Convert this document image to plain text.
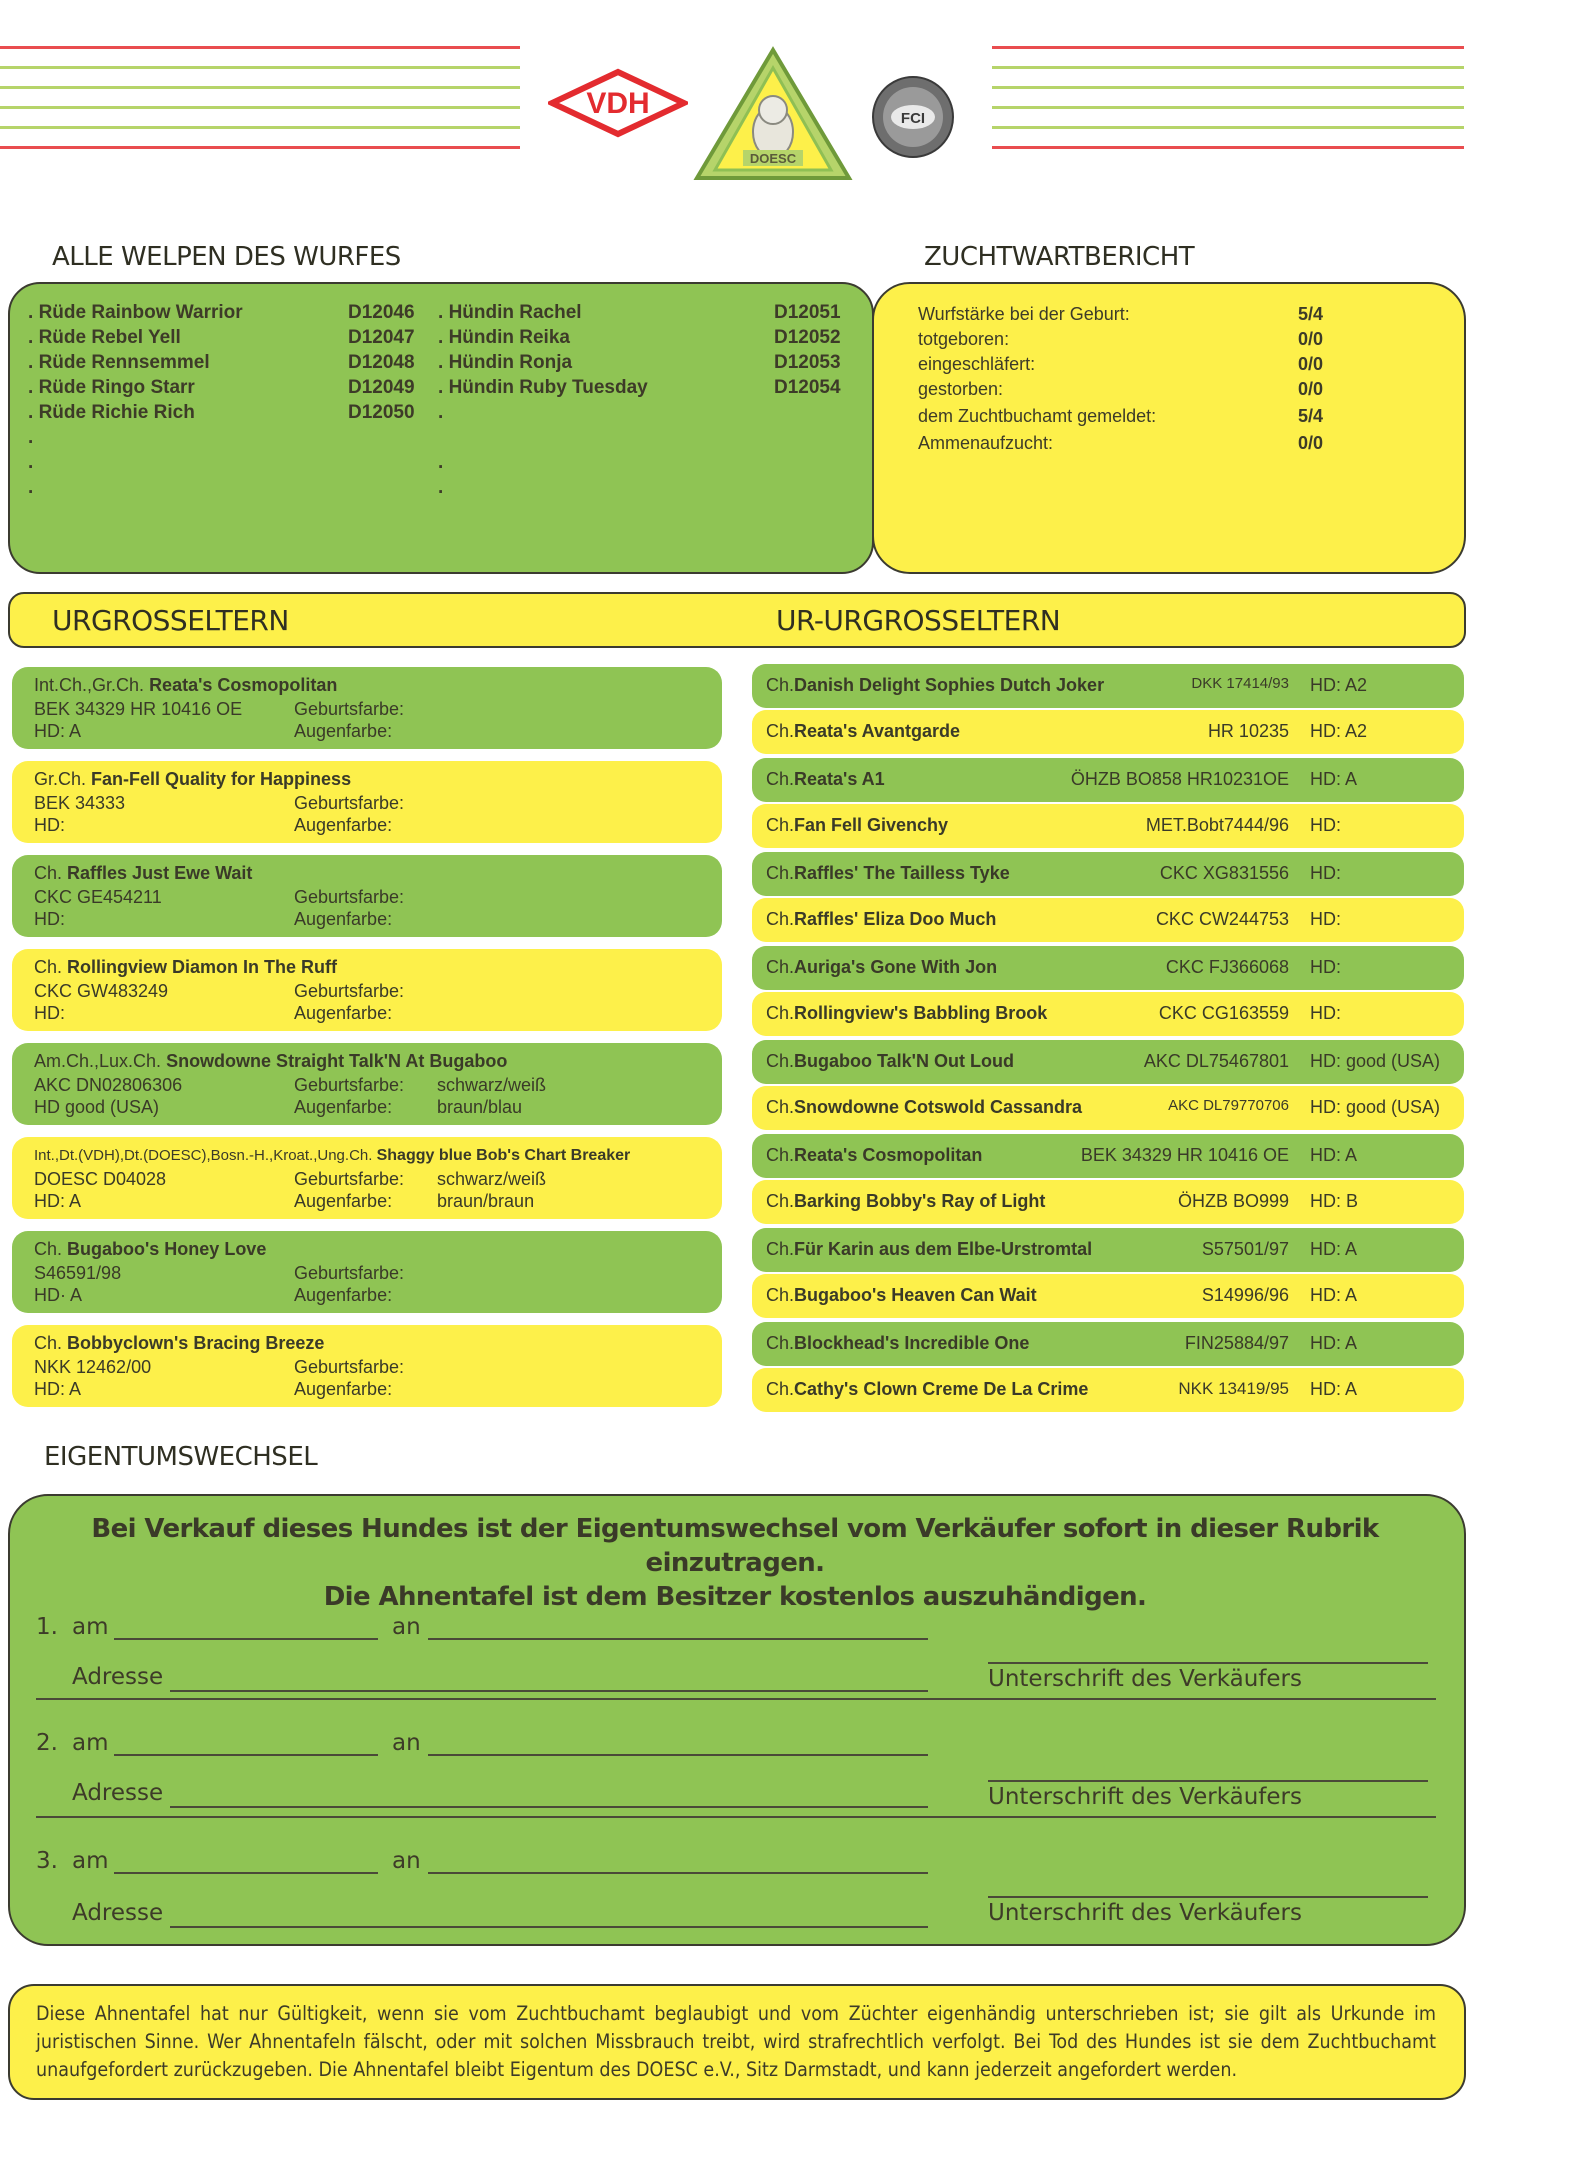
VDH
DOESC
FCI
ALLE WELPEN DES WURFES	ZUCHTWARTBERICHT
. Rüde Rainbow Warrior	D12046
. Rüde Rebel Yell	D12047
. Rüde Rennsemmel	D12048
. Rüde Ringo Starr	D12049
. Rüde Richie Rich	D12050
.
.
.
. Hündin Rachel	D12051
. Hündin Reika	D12052
. Hündin Ronja	D12053
. Hündin Ruby Tuesday	D12054
.
.
.
Wurfstärke bei der Geburt:	5/4
totgeboren:	0/0
eingeschläfert:	0/0
gestorben:	0/0
dem Zuchtbuchamt gemeldet:	5/4
Ammenaufzucht:	0/0
URGROSSELTERN	UR-URGROSSELTERN
Int.Ch.,Gr.Ch. Reata's Cosmopolitan
BEK 34329 HR 10416 OE	Geburtsfarbe:
HD: A	Augenfarbe:
Gr.Ch. Fan-Fell Quality for Happiness
BEK 34333	Geburtsfarbe:
HD:	Augenfarbe:
Ch. Raffles Just Ewe Wait
CKC GE454211	Geburtsfarbe:
HD:	Augenfarbe:
Ch. Rollingview Diamon In The Ruff
CKC GW483249	Geburtsfarbe:
HD:	Augenfarbe:
Am.Ch.,Lux.Ch. Snowdowne Straight Talk'N At Bugaboo
AKC DN02806306	Geburtsfarbe: schwarz/weiß
HD good (USA)	Augenfarbe: braun/blau
Int.,Dt.(VDH),Dt.(DOESC),Bosn.-H.,Kroat.,Ung.Ch. Shaggy blue Bob's Chart Breaker
DOESC D04028	Geburtsfarbe: schwarz/weiß
HD: A	Augenfarbe: braun/braun
Ch. Bugaboo's Honey Love
S46591/98	Geburtsfarbe:
HD· A	Augenfarbe:
Ch. Bobbyclown's Bracing Breeze
NKK 12462/00	Geburtsfarbe:
HD: A	Augenfarbe:
Ch.Danish Delight Sophies Dutch Joker	DKK 17414/93 HD: A2
Ch.Reata's Avantgarde	HR 10235 HD: A2
Ch.Reata's A1	ÖHZB BO858 HR10231OE HD: A
Ch.Fan Fell Givenchy	MET.Bobt7444/96 HD:
Ch.Raffles' The Tailless Tyke	CKC XG831556 HD:
Ch.Raffles' Eliza Doo Much	CKC CW244753 HD:
Ch.Auriga's Gone With Jon	CKC FJ366068 HD:
Ch.Rollingview's Babbling Brook	CKC CG163559 HD:
Ch.Bugaboo Talk'N Out Loud	AKC DL75467801 HD: good (USA)
Ch.Snowdowne Cotswold Cassandra	AKC DL79770706 HD: good (USA)
Ch.Reata's Cosmopolitan	BEK 34329 HR 10416 OE HD: A
Ch.Barking Bobby's Ray of Light	ÖHZB BO999 HD: B
Ch.Für Karin aus dem Elbe-Urstromtal	S57501/97 HD: A
Ch.Bugaboo's Heaven Can Wait	S14996/96 HD: A
Ch.Blockhead's Incredible One	FIN25884/97 HD: A
Ch.Cathy's Clown Creme De La Crime	NKK 13419/95 HD: A
EIGENTUMSWECHSEL
Bei Verkauf dieses Hundes ist der Eigentumswechsel vom Verkäufer sofort in dieser Rubrik einzutragen.
Die Ahnentafel ist dem Besitzer kostenlos auszuhändigen.
1. am	an
Adresse	Unterschrift des Verkäufers
2. am	an
Adresse	Unterschrift des Verkäufers
3. am	an
Adresse	Unterschrift des Verkäufers
Diese Ahnentafel hat nur Gültigkeit, wenn sie vom Zuchtbuchamt beglaubigt und vom Züchter eigenhändig unterschrieben ist; sie gilt als Urkunde im juristischen Sinne. Wer Ahnentafeln fälscht, oder mit solchen Missbrauch treibt, wird strafrechtlich verfolgt. Bei Tod des Hundes ist sie dem Zuchtbuchamt unaufgefordert zurückzugeben. Die Ahnentafel bleibt Eigentum des DOESC e.V., Sitz Darmstadt, und kann jederzeit angefordert werden.
